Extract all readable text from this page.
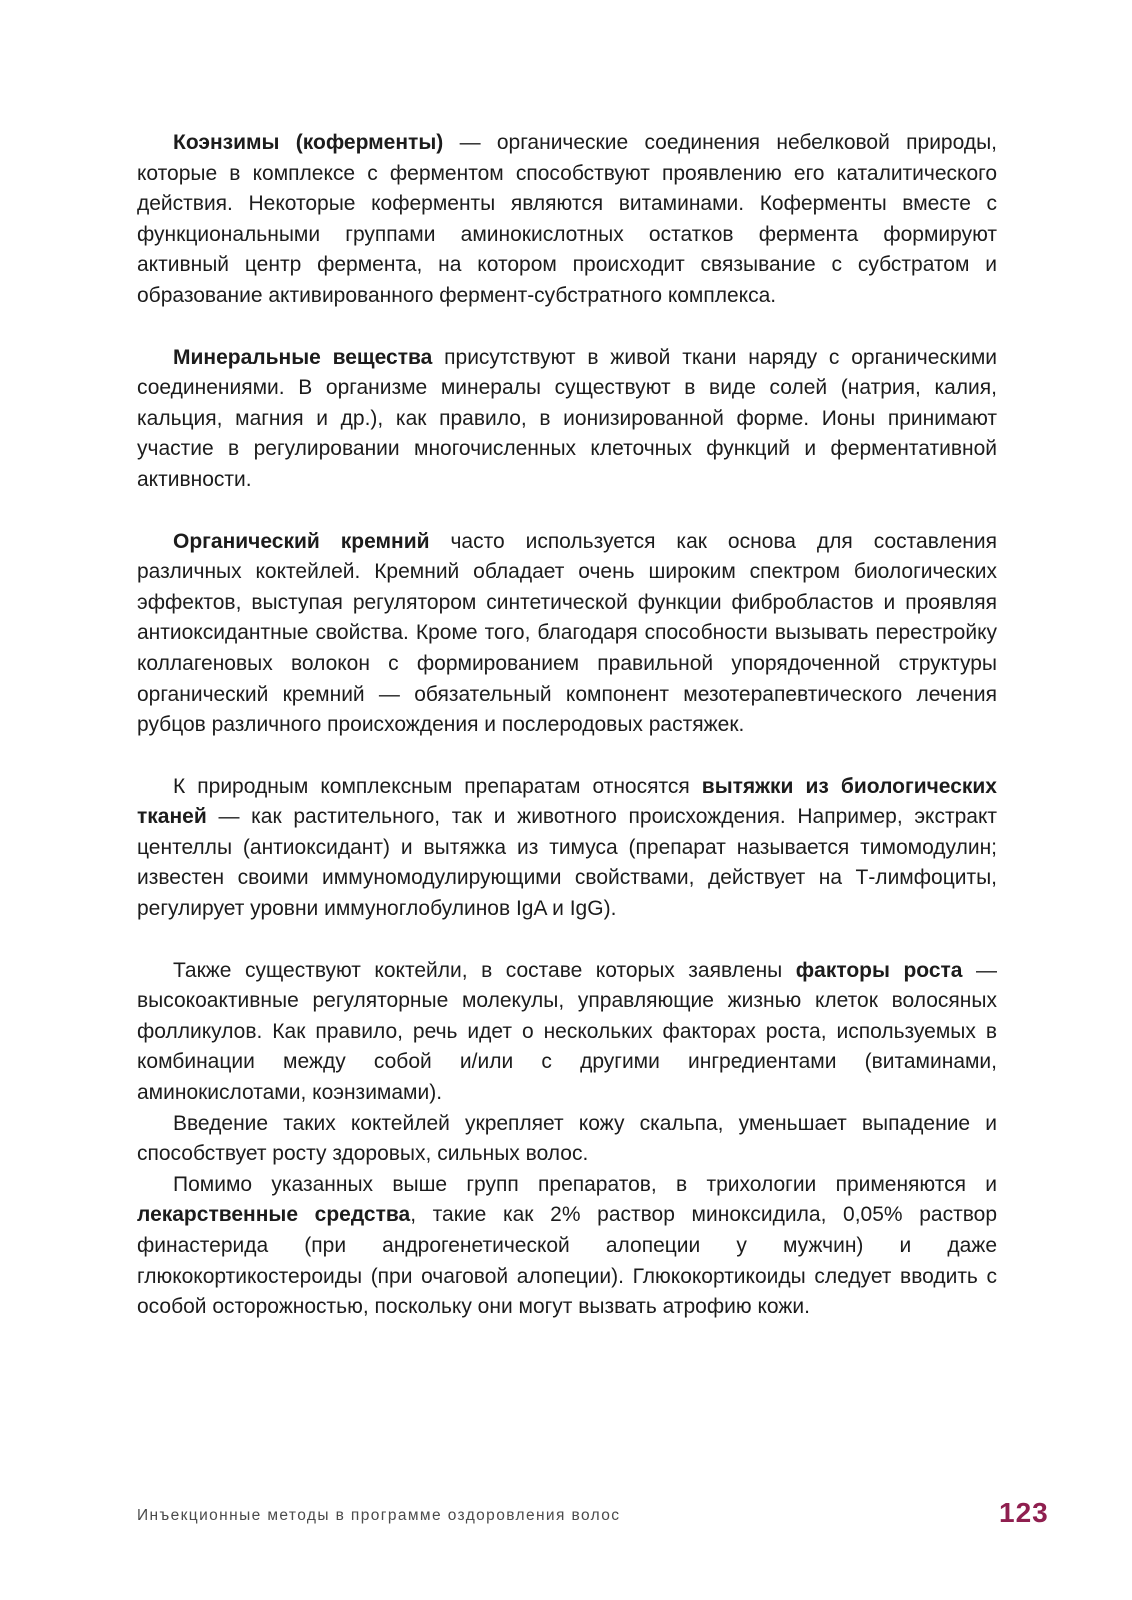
Коэнзимы (коферменты) — органические соединения небелковой природы, которые в комплексе с ферментом способствуют проявлению его каталитического действия. Некоторые коферменты являются витаминами. Коферменты вместе с функциональными группами аминокислотных остатков фермента формируют активный центр фермента, на котором происходит связывание с субстратом и образование активированного фермент-субстратного комплекса.

Минеральные вещества присутствуют в живой ткани наряду с органическими соединениями. В организме минералы существуют в виде солей (натрия, калия, кальция, магния и др.), как правило, в ионизированной форме. Ионы принимают участие в регулировании многочисленных клеточных функций и ферментативной активности.

Органический кремний часто используется как основа для составления различных коктейлей. Кремний обладает очень широким спектром биологических эффектов, выступая регулятором синтетической функции фибробластов и проявляя антиоксидантные свойства. Кроме того, благодаря способности вызывать перестройку коллагеновых волокон с формированием правильной упорядоченной структуры органический кремний — обязательный компонент мезотерапевтического лечения рубцов различного происхождения и послеродовых растяжек.

К природным комплексным препаратам относятся вытяжки из биологических тканей — как растительного, так и животного происхождения. Например, экстракт центеллы (антиоксидант) и вытяжка из тимуса (препарат называется тимомодулин; известен своими иммуномодулирующими свойствами, действует на Т-лимфоциты, регулирует уровни иммуноглобулинов IgA и IgG).

Также существуют коктейли, в составе которых заявлены факторы роста — высокоактивные регуляторные молекулы, управляющие жизнью клеток волосяных фолликулов. Как правило, речь идет о нескольких факторах роста, используемых в комбинации между собой и/или с другими ингредиентами (витаминами, аминокислотами, коэнзимами).

Введение таких коктейлей укрепляет кожу скальпа, уменьшает выпадение и способствует росту здоровых, сильных волос.

Помимо указанных выше групп препаратов, в трихологии применяются и лекарственные средства, такие как 2% раствор миноксидила, 0,05% раствор финастерида (при андрогенетической алопеции у мужчин) и даже глюкокортикостероиды (при очаговой алопеции). Глюкокортикоиды следует вводить с особой осторожностью, поскольку они могут вызвать атрофию кожи.

Инъекционные методы в программе оздоровления волос	123
